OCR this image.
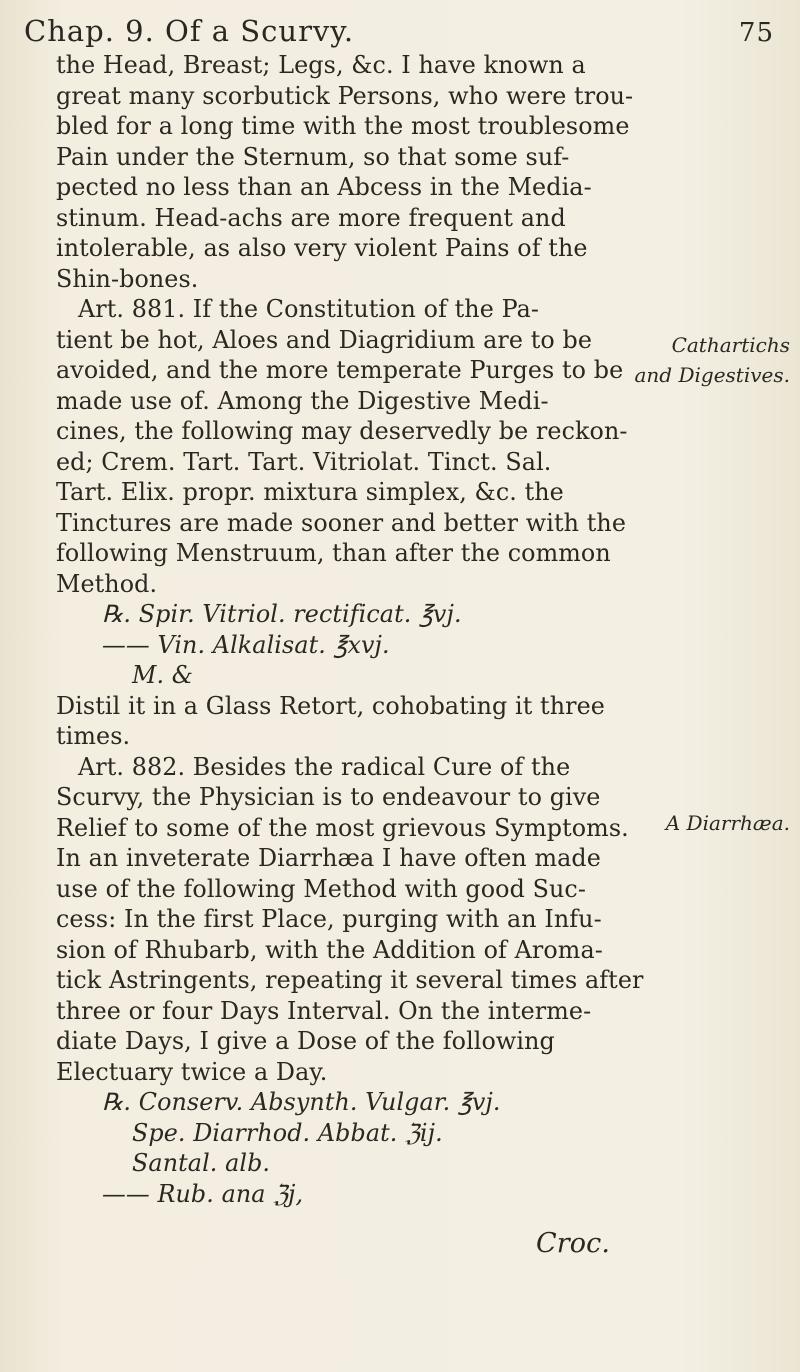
Chap. 9. Of a Scurvy.	75
Cathartichs
and Digestives.
A Diarrhæa.
the Head, Breast; Legs, &c. I have known a
great many scorbutick Persons, who were trou-
bled for a long time with the most troublesome
Pain under the Sternum, so that some suf-
pected no less than an Abcess in the Media-
stinum. Head-achs are more frequent and
intolerable, as also very violent Pains of the
Shin-bones.
Art. 881. If the Constitution of the Pa-
tient be hot, Aloes and Diagridium are to be
avoided, and the more temperate Purges to be
made use of. Among the Digestive Medi-
cines, the following may deservedly be reckon-
ed; Crem. Tart. Tart. Vitriolat. Tinct. Sal.
Tart. Elix. propr. mixtura simplex, &c. the
Tinctures are made sooner and better with the
following Menstruum, than after the common
Method.
℞. Spir. Vitriol. rectificat. ℥vj.
—— Vin. Alkalisat. ℥xvj.
M. &
Distil it in a Glass Retort, cohobating it three
times.
Art. 882. Besides the radical Cure of the
Scurvy, the Physician is to endeavour to give
Relief to some of the most grievous Symptoms.
In an inveterate Diarrhæa I have often made
use of the following Method with good Suc-
cess: In the first Place, purging with an Infu-
sion of Rhubarb, with the Addition of Aroma-
tick Astringents, repeating it several times after
three or four Days Interval. On the interme-
diate Days, I give a Dose of the following
Electuary twice a Day.
℞. Conserv. Absynth. Vulgar. ℥vj.
Spe. Diarrhod. Abbat. ℨij.
Santal. alb.
—— Rub. ana ℨj,
Croc.
